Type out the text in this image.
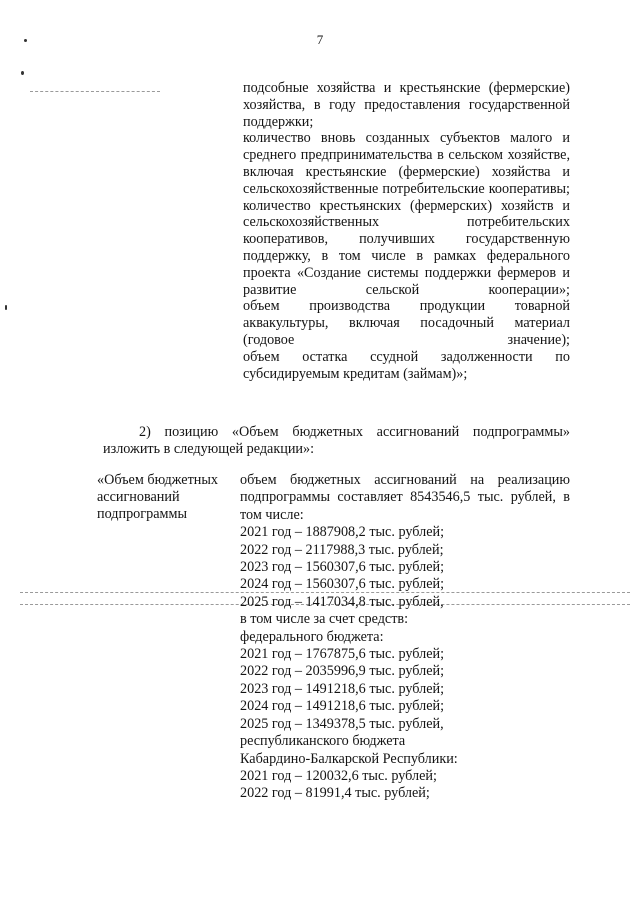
7

подсобные хозяйства и крестьянские (фермерские) хозяйства, в году предоставления государственной поддержки;

количество вновь созданных субъектов малого и среднего предпринимательства в сельском хозяйстве, включая крестьянские (фермерские) хозяйства и сельскохозяйственные потребительские кооперативы;

количество крестьянских (фермерских) хозяйств и сельскохозяйственных потребительских кооперативов, получивших государственную поддержку, в том числе в рамках федерального проекта «Создание системы поддержки фермеров и развитие сельской кооперации»;

объем производства продукции товарной аквакультуры, включая посадочный материал (годовое значение);

объем остатка ссудной задолженности по субсидируемым кредитам (займам)»;

2) позицию «Объем бюджетных ассигнований подпрограммы» изложить в следующей редакции»:
«Объем бюджетных ассигнований подпрограммы
объем бюджетных ассигнований на реализацию подпрограммы составляет 8543546,5 тыс. рублей, в том числе:
2021 год – 1887908,2 тыс. рублей;
2022 год – 2117988,3 тыс. рублей;
2023 год – 1560307,6 тыс. рублей;
2024 год – 1560307,6 тыс. рублей;
2025 год – 1417034,8 тыс. рублей,
в том числе за счет средств:
федерального бюджета:
2021 год – 1767875,6 тыс. рублей;
2022 год – 2035996,9 тыс. рублей;
2023 год – 1491218,6 тыс. рублей;
2024 год – 1491218,6 тыс. рублей;
2025 год – 1349378,5 тыс. рублей,
республиканского бюджета
Кабардино-Балкарской Республики:
2021 год – 120032,6 тыс. рублей;
2022 год – 81991,4 тыс. рублей;
